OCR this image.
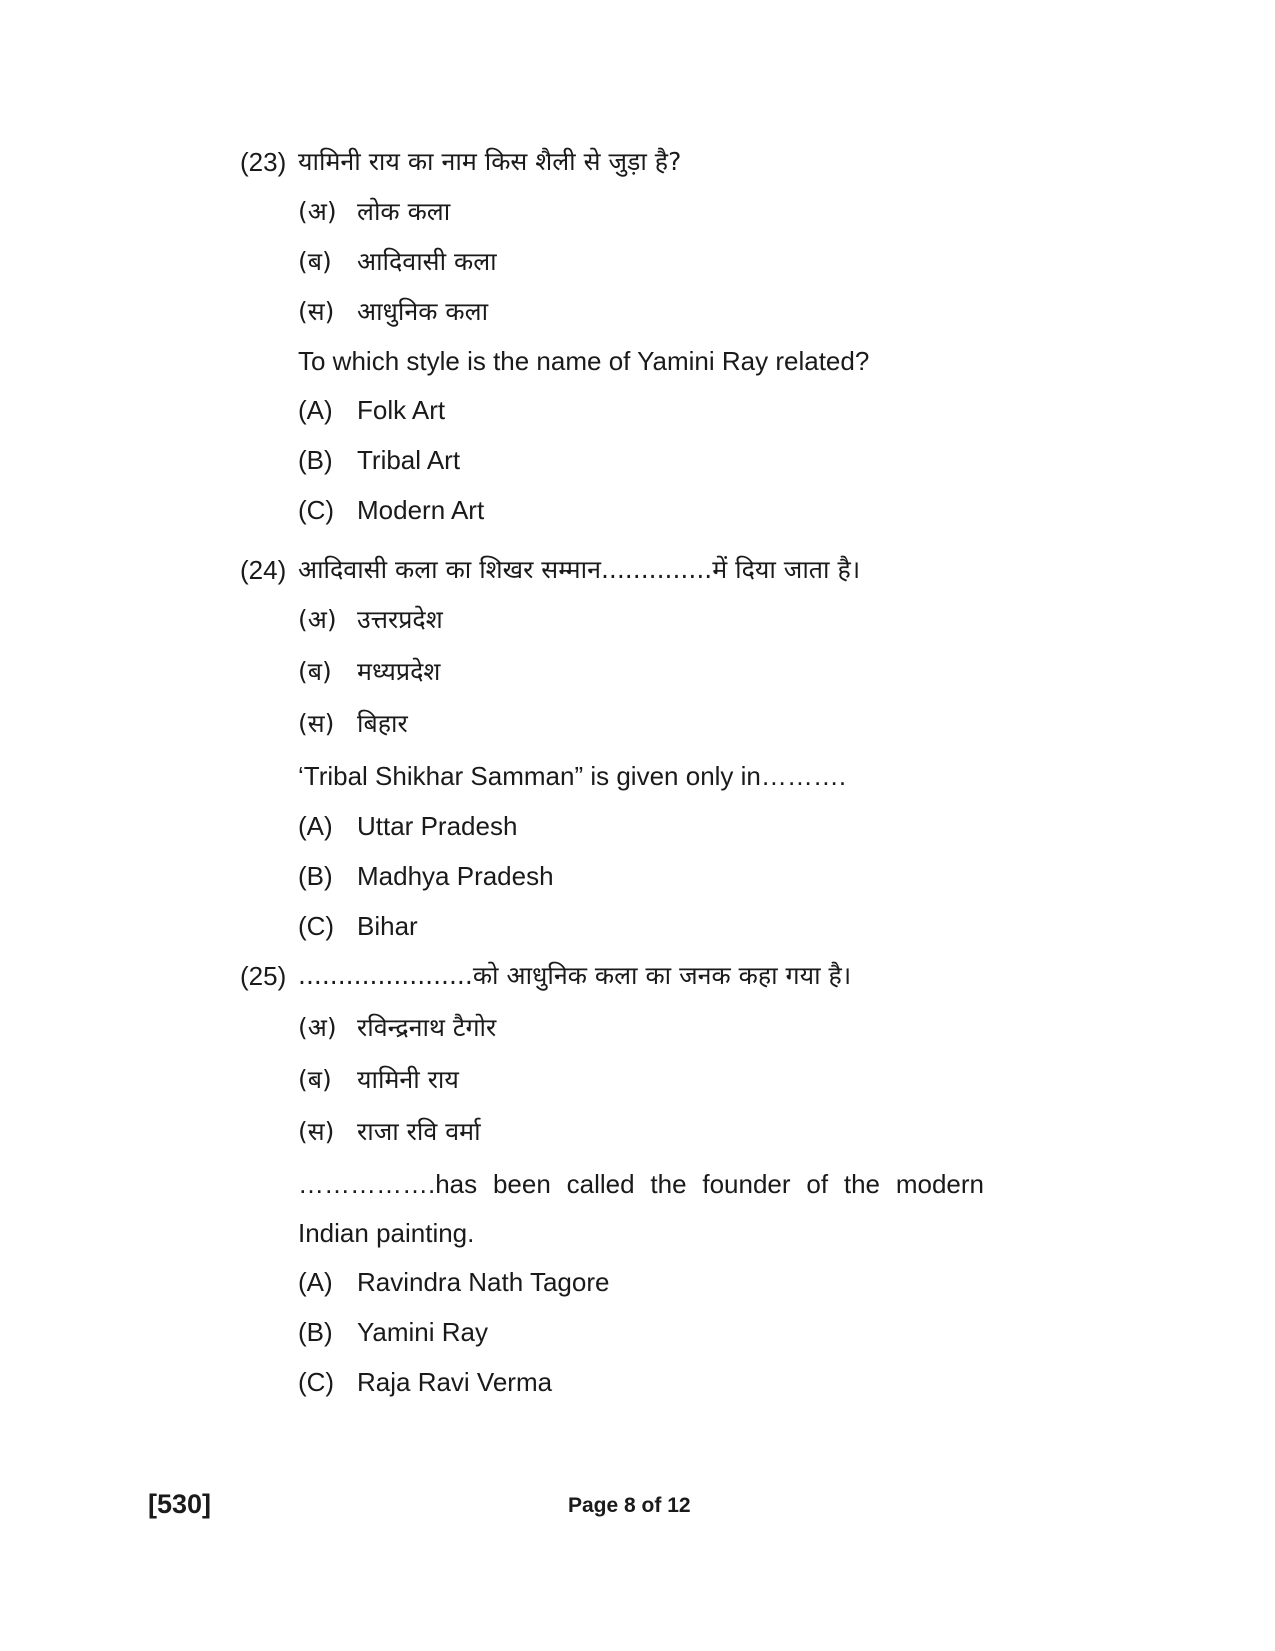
(23) यामिनी राय का नाम किस शैली से जुड़ा है?
(अ) लोक कला
(ब) आदिवासी कला
(स) आधुनिक कला
To which style is the name of Yamini Ray related?
(A) Folk Art
(B) Tribal Art
(C) Modern Art
(24) आदिवासी कला का शिखर सम्मान..............में दिया जाता है।
(अ) उत्तरप्रदेश
(ब) मध्यप्रदेश
(स) बिहार
‘Tribal Shikhar Samman” is given only in……….
(A) Uttar Pradesh
(B) Madhya Pradesh
(C) Bihar
(25) ......................को आधुनिक कला का जनक कहा गया है।
(अ) रविन्द्रनाथ टैगोर
(ब) यामिनी राय
(स) राजा रवि वर्मा
…………….has been called the founder of the modern
Indian painting.
(A) Ravindra Nath Tagore
(B) Yamini Ray
(C) Raja Ravi Verma
[530]	Page 8 of 12
